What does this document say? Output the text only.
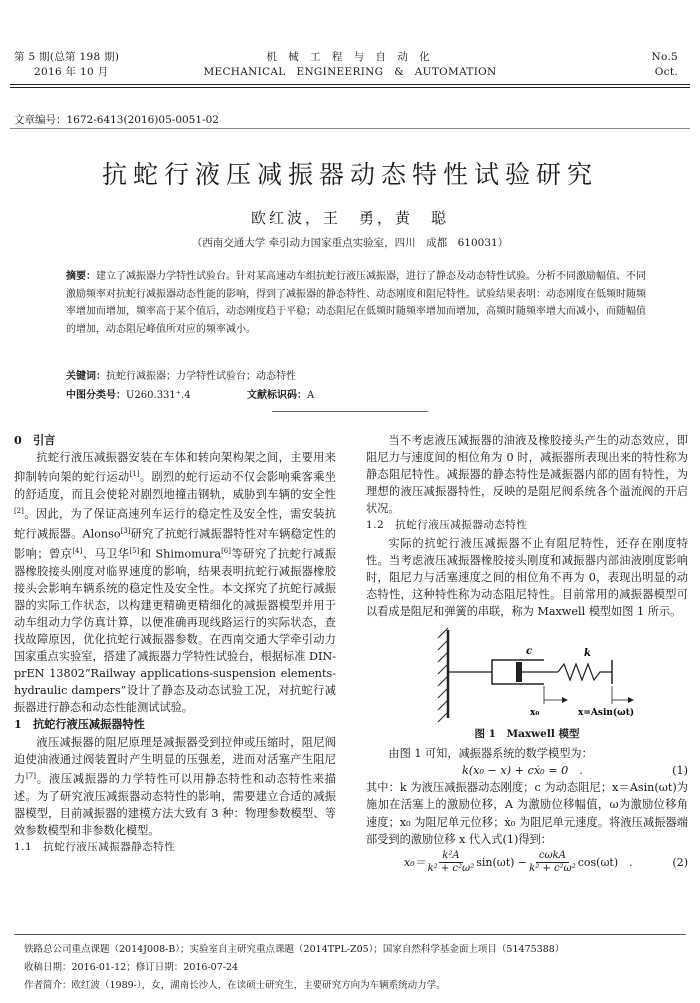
第 5 期(总第 198 期)
2016 年 10 月
机 械 工 程 与 自 动 化
MECHANICAL   ENGINEERING   &   AUTOMATION
No.5
Oct.
文章编号：1672-6413(2016)05-0051-02
抗蛇行液压减振器动态特性试验研究
欧红波，王　勇，黄　聪
（西南交通大学 牵引动力国家重点实验室，四川　成都　610031）
摘要：建立了减振器力学特性试验台。针对某高速动车组抗蛇行液压减振器，进行了静态及动态特性试验。分析不同激励幅值、不同激励频率对抗蛇行减振器动态性能的影响，得到了减振器的静态特性、动态刚度和阻尼特性。试验结果表明：动态刚度在低频时随频率增加而增加，频率高于某个值后，动态刚度趋于平稳；动态阻尼在低频时随频率增加而增加，高频时随频率增大而减小，而随幅值的增加，动态阻尼峰值所对应的频率减小。
关键词：抗蛇行减振器；力学特性试验台；动态特性
中图分类号：U260.331⁺.4	文献标识码：A

0　引言

抗蛇行液压减振器安装在车体和转向架构架之间，主要用来抑制转向架的蛇行运动[1]。剧烈的蛇行运动不仅会影响乘客乘坐的舒适度，而且会使轮对剧烈地撞击钢轨，威胁到车辆的安全性[2]。因此，为了保证高速列车运行的稳定性及安全性，需安装抗蛇行减振器。Alonso[3]研究了抗蛇行减振器特性对车辆稳定性的影响；曾京[4]、马卫华[5]和 Shimomura[6]等研究了抗蛇行减振器橡胶接头刚度对临界速度的影响，结果表明抗蛇行减振器橡胶接头会影响车辆系统的稳定性及安全性。本文探究了抗蛇行减振器的实际工作状态，以构建更精确更精细化的减振器模型并用于动车组动力学仿真计算，以便准确再现线路运行的实际状态，查找故障原因，优化抗蛇行减振器参数。在西南交通大学牵引动力国家重点实验室，搭建了减振器力学特性试验台，根据标准 DIN-prEN 13802“Railway applications-suspension elements-hydraulic dampers”设计了静态及动态试验工况，对抗蛇行减振器进行静态和动态性能测试试验。

1　抗蛇行液压减振器特性

液压减振器的阻尼原理是减振器受到拉伸或压缩时，阻尼阀迫使油液通过阀装置时产生明显的压强差，进而对活塞产生阻尼力[7]。液压减振器的力学特性可以用静态特性和动态特性来描述。为了研究液压减振器动态特性的影响，需要建立合适的减振器模型，目前减振器的建模方法大致有 3 种：物理参数模型、等效参数模型和非参数化模型。

1.1　抗蛇行液压减振器静态特性

当不考虑液压减振器的油液及橡胶接头产生的动态效应，即阻尼力与速度间的相位角为 0 时，减振器所表现出来的特性称为静态阻尼特性。减振器的静态特性是减振器内部的固有特性，为理想的液压减振器特性，反映的是阻尼阀系统各个溢流阀的开启状况。

1.2　抗蛇行液压减振器动态特性

实际的抗蛇行液压减振器不止有阻尼特性，还存在刚度特性。当考虑液压减振器橡胶接头刚度和减振器内部油液刚度影响时，阻尼力与活塞速度之间的相位角不再为 0，表现出明显的动态特性，这种特性称为动态阻尼特性。目前常用的减振器模型可以看成是阻尼和弹簧的串联，称为 Maxwell 模型如图 1 所示。

c	k
x₀	x=Asin(ωt)
图 1　Maxwell 模型

由图 1 可知，减振器系统的数学模型为：

k(x₀ − x) + cẋ₀ = 0　.	(1)

其中：k 为液压减振器动态刚度；c 为动态阻尼；x＝Asin(ωt)为施加在活塞上的激励位移，A 为激励位移幅值，ω为激励位移角速度；x₀ 为阻尼单元位移；ẋ₀ 为阻尼单元速度。将液压减振器端部受到的激励位移 x 代入式(1)得到：

$x_0= \frac{\text{k²A}}{\text{k² + c²ω²}} \sin(\omega t) - \frac{\text{cωkA}}{\text{k² + c²ω²}} \cos(\omega t)$　.	(2)
铁路总公司重点课题（2014J008-B）；实验室自主研究重点课题（2014TPL-Z05）；国家自然科学基金面上项目（51475388）
收稿日期：2016-01-12；修订日期：2016-07-24
作者简介：欧红波（1989-），女，湖南长沙人，在读硕士研究生，主要研究方向为车辆系统动力学。
